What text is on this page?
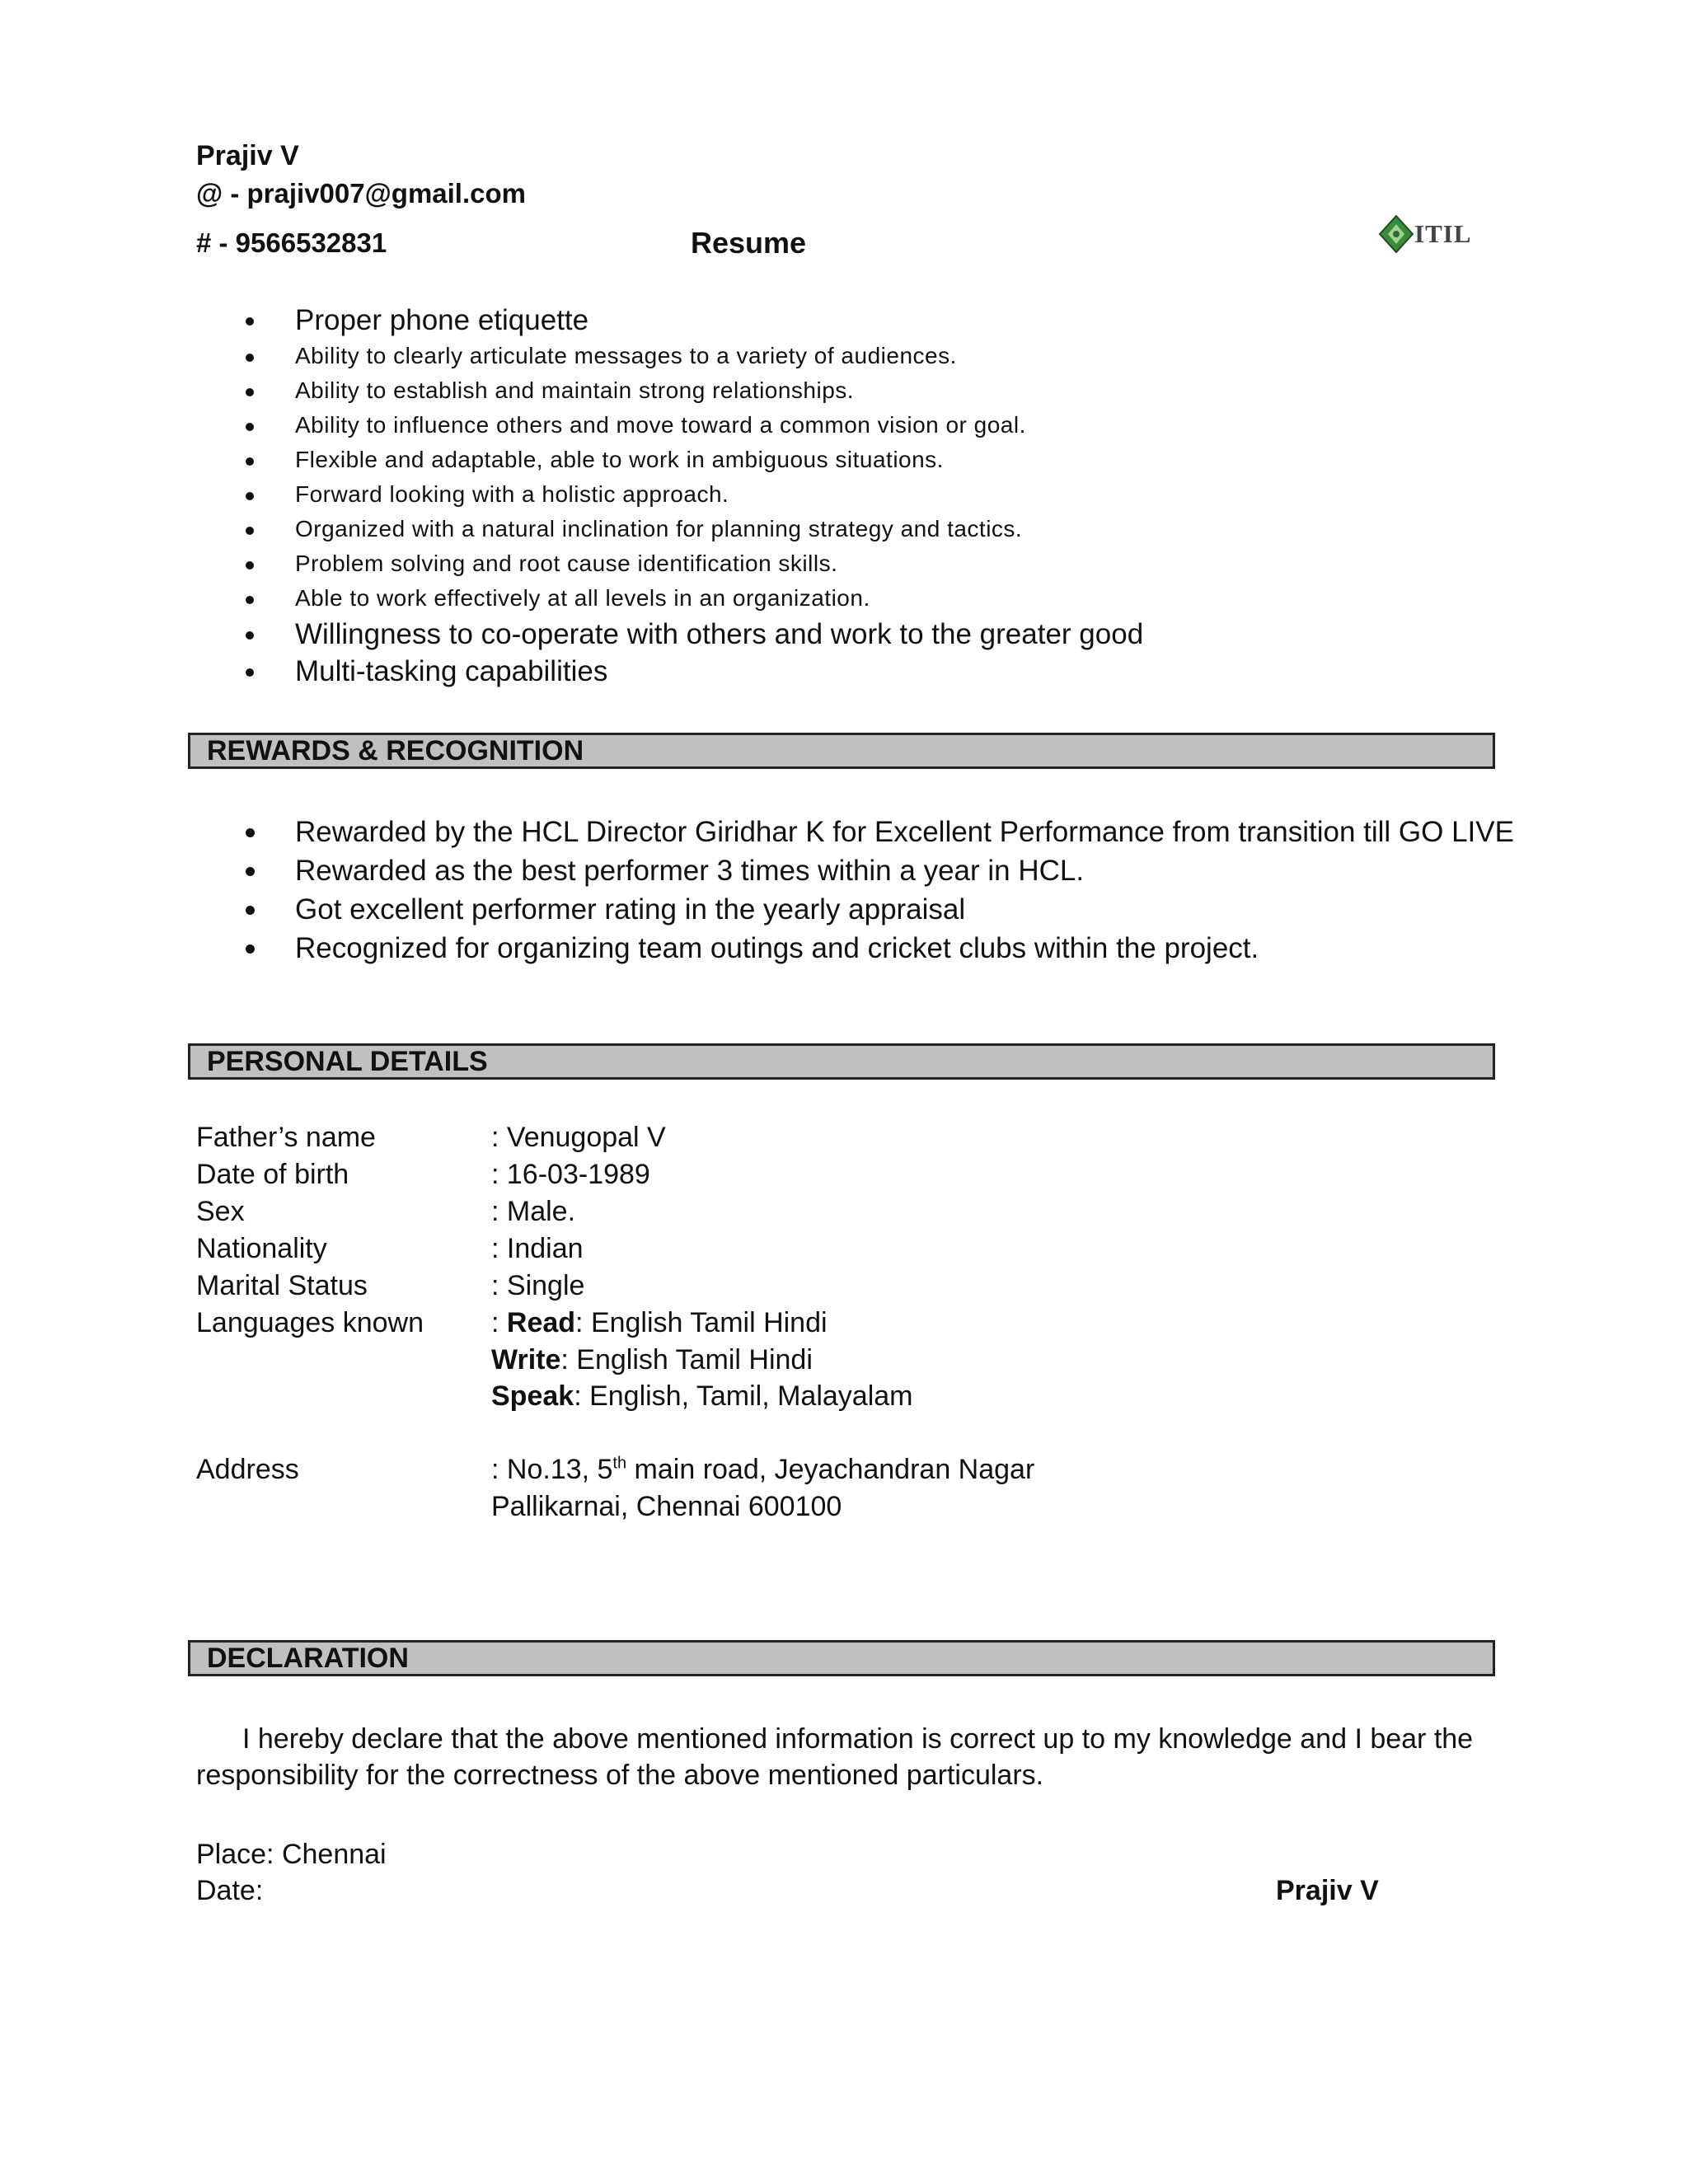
Prajiv V
@ - prajiv007@gmail.com
# - 9566532831	Resume	ITIL
Proper phone etiquette
Ability to clearly articulate messages to a variety of audiences.
Ability to establish and maintain strong relationships.
Ability to influence others and move toward a common vision or goal.
Flexible and adaptable, able to work in ambiguous situations.
Forward looking with a holistic approach.
Organized with a natural inclination for planning strategy and tactics.
Problem solving and root cause identification skills.
Able to work effectively at all levels in an organization.
Willingness to co-operate with others and work to the greater good
Multi-tasking capabilities
REWARDS & RECOGNITION
Rewarded by the HCL Director Giridhar K for Excellent Performance from transition till GO LIVE
Rewarded as the best performer 3 times within a year in HCL.
Got excellent performer rating in the yearly appraisal
Recognized for organizing team outings and cricket clubs within the project.
PERSONAL DETAILS
Father’s name	: Venugopal V
Date of birth	: 16-03-1989
Sex	: Male.
Nationality	: Indian
Marital Status	: Single
Languages known : Read: English Tamil Hindi
Write: English Tamil Hindi
Speak: English, Tamil, Malayalam
Address	: No.13, 5th main road, Jeyachandran Nagar
Pallikarnai, Chennai 600100
DECLARATION
I hereby declare that the above mentioned information is correct up to my knowledge and I bear the
responsibility for the correctness of the above mentioned particulars.
Place: Chennai
Date:	Prajiv V
